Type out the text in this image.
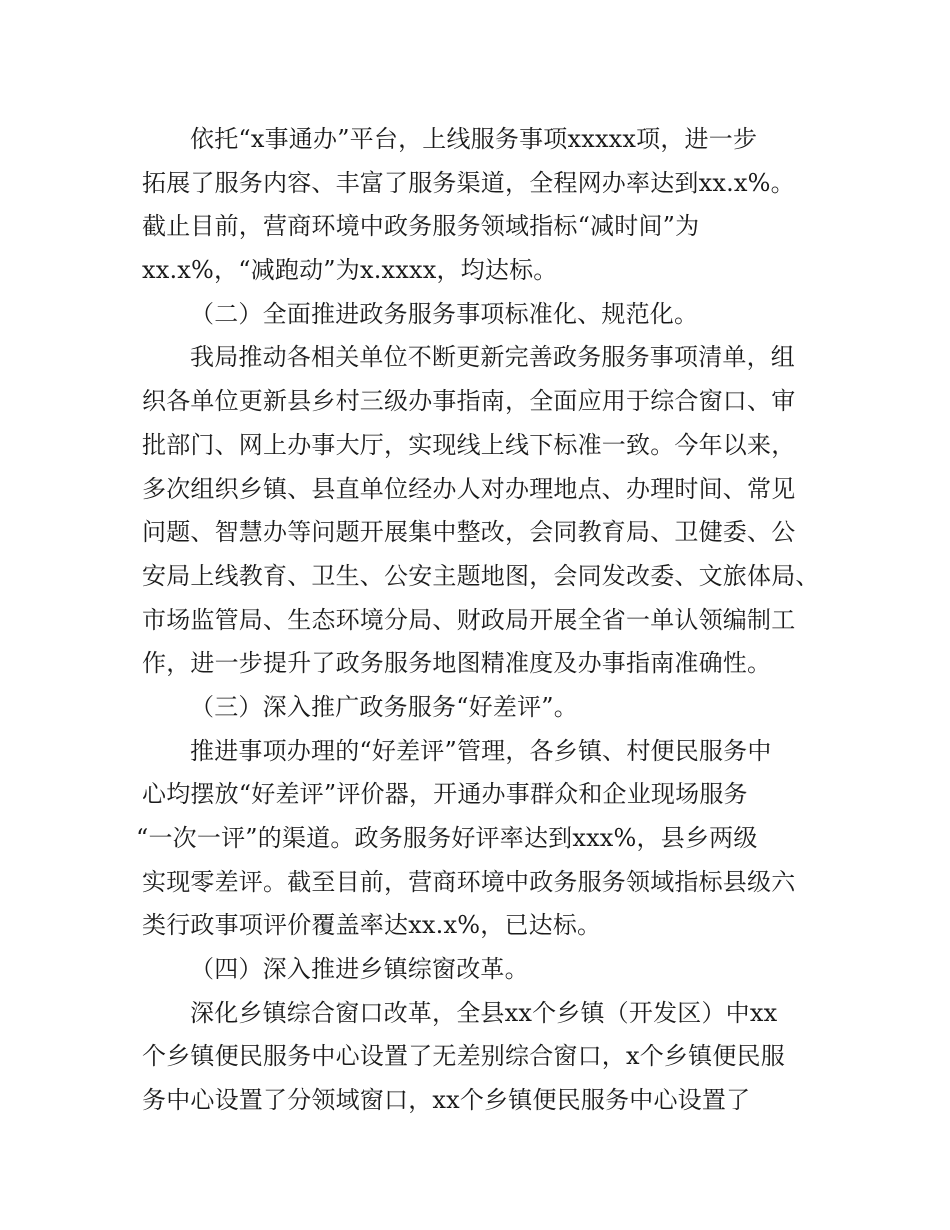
依托“x事通办”平台，上线服务事项xxxxx项，进一步
拓展了服务内容、丰富了服务渠道，全程网办率达到xx.x%。
截止目前，营商环境中政务服务领域指标“减时间”为
xx.x%，“减跑动”为x.xxxx，均达标。
（二）全面推进政务服务事项标准化、规范化。
我局推动各相关单位不断更新完善政务服务事项清单，组
织各单位更新县乡村三级办事指南，全面应用于综合窗口、审
批部门、网上办事大厅，实现线上线下标准一致。今年以来，
多次组织乡镇、县直单位经办人对办理地点、办理时间、常见
问题、智慧办等问题开展集中整改，会同教育局、卫健委、公
安局上线教育、卫生、公安主题地图，会同发改委、文旅体局、
市场监管局、生态环境分局、财政局开展全省一单认领编制工
作，进一步提升了政务服务地图精准度及办事指南准确性。
（三）深入推广政务服务“好差评”。
推进事项办理的“好差评”管理，各乡镇、村便民服务中
心均摆放“好差评”评价器，开通办事群众和企业现场服务
“一次一评”的渠道。政务服务好评率达到xxx%，县乡两级
实现零差评。截至目前，营商环境中政务服务领域指标县级六
类行政事项评价覆盖率达xx.x%，已达标。
（四）深入推进乡镇综窗改革。
深化乡镇综合窗口改革，全县xx个乡镇（开发区）中xx
个乡镇便民服务中心设置了无差别综合窗口，x个乡镇便民服
务中心设置了分领域窗口，xx个乡镇便民服务中心设置了
